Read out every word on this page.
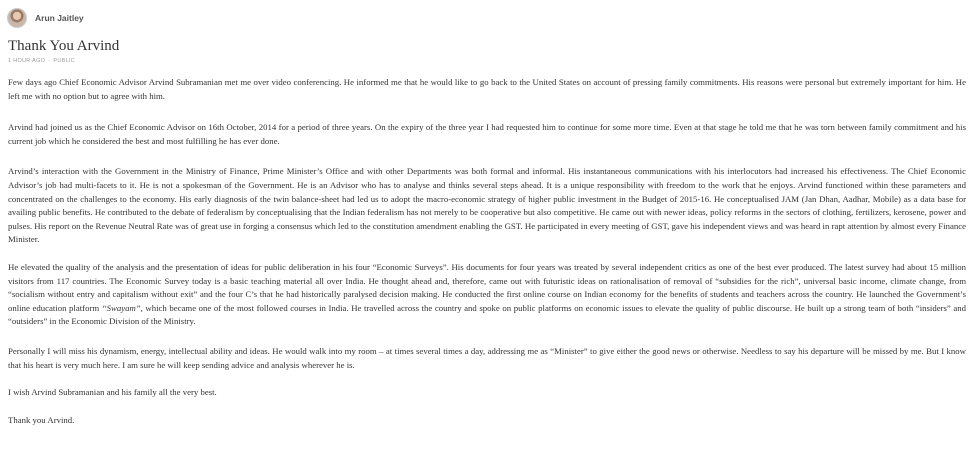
Arun Jaitley
Thank You Arvind
1 HOUR AGO · PUBLIC

Few days ago Chief Economic Advisor Arvind Subramanian met me over video conferencing. He informed me that he would like to go back to the United States on account of pressing family commitments. His reasons were personal but extremely important for him. He left me with no option but to agree with him.

Arvind had joined us as the Chief Economic Advisor on 16th October, 2014 for a period of three years. On the expiry of the three year I had requested him to continue for some more time. Even at that stage he told me that he was torn between family commitment and his current job which he considered the best and most fulfilling he has ever done.

Arvind’s interaction with the Government in the Ministry of Finance, Prime Minister’s Office and with other Departments was both formal and informal. His instantaneous communications with his interlocutors had increased his effectiveness. The Chief Economic Advisor’s job had multi-facets to it. He is not a spokesman of the Government. He is an Advisor who has to analyse and thinks several steps ahead. It is a unique responsibility with freedom to the work that he enjoys. Arvind functioned within these parameters and concentrated on the challenges to the economy. His early diagnosis of the twin balance-sheet had led us to adopt the macro-economic strategy of higher public investment in the Budget of 2015-16. He conceptualised JAM (Jan Dhan, Aadhar, Mobile) as a data base for availing public benefits. He contributed to the debate of federalism by conceptualising that the Indian federalism has not merely to be cooperative but also competitive. He came out with newer ideas, policy reforms in the sectors of clothing, fertilizers, kerosene, power and pulses. His report on the Revenue Neutral Rate was of great use in forging a consensus which led to the constitution amendment enabling the GST. He participated in every meeting of GST, gave his independent views and was heard in rapt attention by almost every Finance Minister.

He elevated the quality of the analysis and the presentation of ideas for public deliberation in his four “Economic Surveys”. His documents for four years was treated by several independent critics as one of the best ever produced. The latest survey had about 15 million visitors from 117 countries. The Economic Survey today is a basic teaching material all over India. He thought ahead and, therefore, came out with futuristic ideas on rationalisation of removal of “subsidies for the rich”, universal basic income, climate change, from “socialism without entry and capitalism without exit” and the four C’s that he had historically paralysed decision making. He conducted the first online course on Indian economy for the benefits of students and teachers across the country. He launched the Government’s online education platform “Swayam”, which became one of the most followed courses in India. He travelled across the country and spoke on public platforms on economic issues to elevate the quality of public discourse. He built up a strong team of both “insiders” and “outsiders” in the Economic Division of the Ministry.

Personally I will miss his dynamism, energy, intellectual ability and ideas. He would walk into my room – at times several times a day, addressing me as “Minister” to give either the good news or otherwise. Needless to say his departure will be missed by me. But I know that his heart is very much here. I am sure he will keep sending advice and analysis wherever he is.

I wish Arvind Subramanian and his family all the very best.

Thank you Arvind.
